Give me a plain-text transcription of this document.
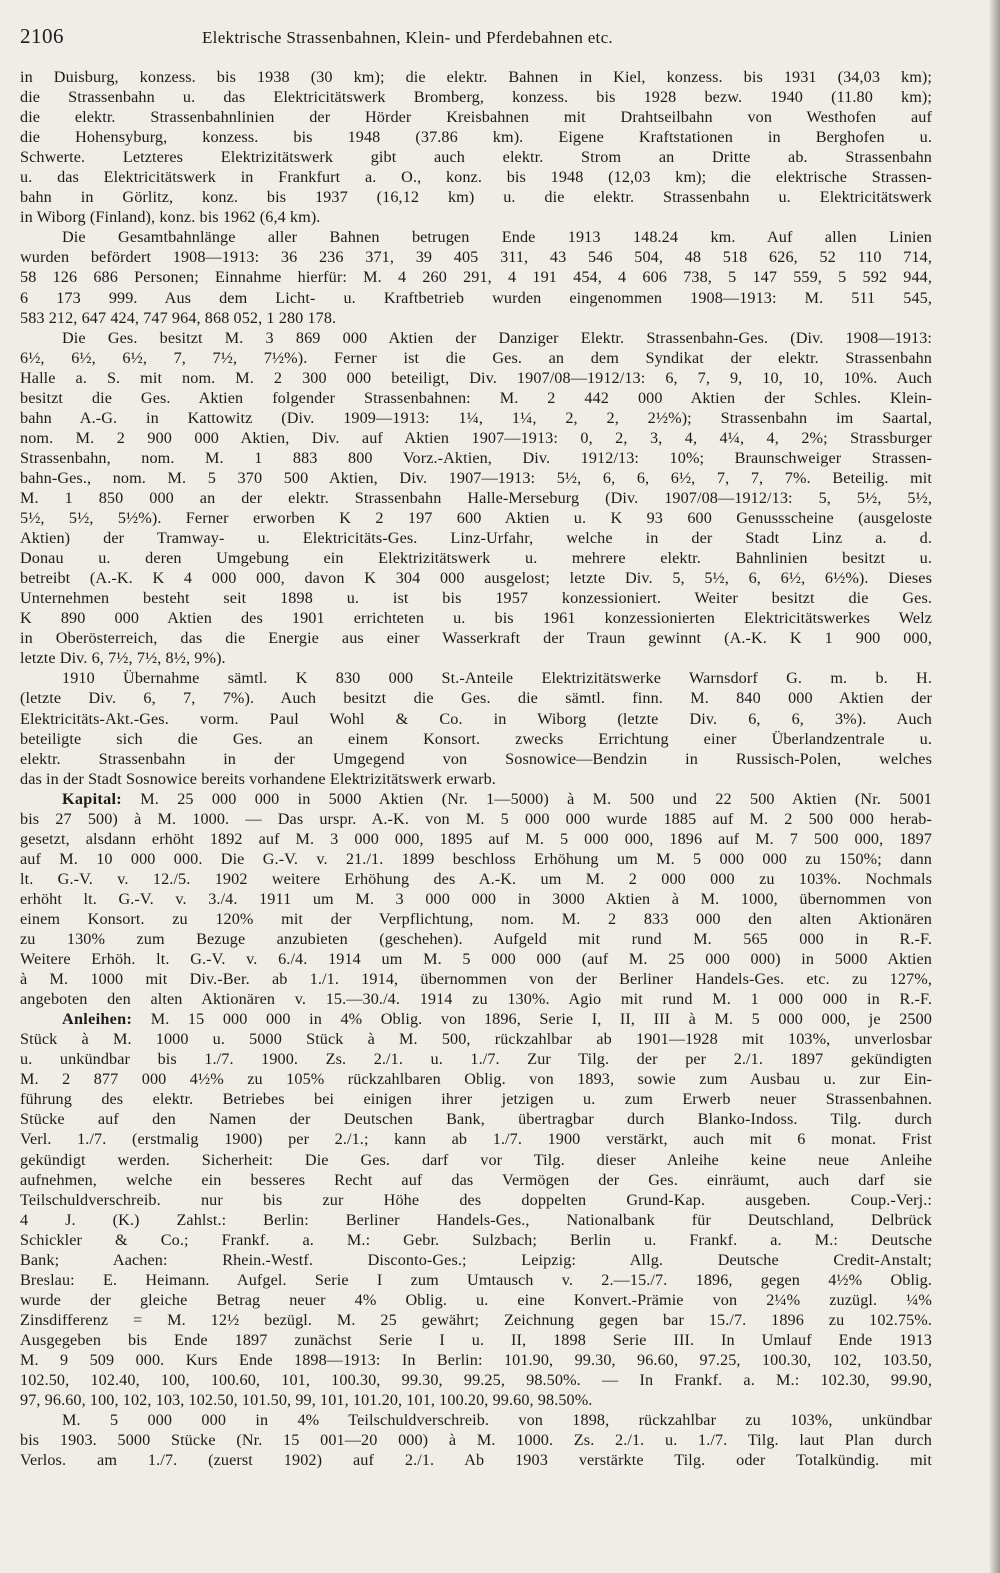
2106	Elektrische Strassenbahnen, Klein- und Pferdebahnen etc.
in Duisburg, konzess. bis 1938 (30 km); die elektr. Bahnen in Kiel, konzess. bis 1931 (34,03 km);
die Strassenbahn u. das Elektricitätswerk Bromberg, konzess. bis 1928 bezw. 1940 (11.80 km);
die elektr. Strassenbahnlinien der Hörder Kreisbahnen mit Drahtseilbahn von Westhofen auf
die Hohensyburg, konzess. bis 1948 (37.86 km). Eigene Kraftstationen in Berghofen u.
Schwerte. Letzteres Elektrizitätswerk gibt auch elektr. Strom an Dritte ab. Strassenbahn
u. das Elektricitätswerk in Frankfurt a. O., konz. bis 1948 (12,03 km); die elektrische Strassen-
bahn in Görlitz, konz. bis 1937 (16,12 km) u. die elektr. Strassenbahn u. Elektricitätswerk
in Wiborg (Finland), konz. bis 1962 (6,4 km).
Die Gesamtbahnlänge aller Bahnen betrugen Ende 1913 148.24 km. Auf allen Linien
wurden befördert 1908—1913: 36 236 371, 39 405 311, 43 546 504, 48 518 626, 52 110 714,
58 126 686 Personen; Einnahme hierfür: M. 4 260 291, 4 191 454, 4 606 738, 5 147 559, 5 592 944,
6 173 999. Aus dem Licht- u. Kraftbetrieb wurden eingenommen 1908—1913: M. 511 545,
583 212, 647 424, 747 964, 868 052, 1 280 178.
Die Ges. besitzt M. 3 869 000 Aktien der Danziger Elektr. Strassenbahn-Ges. (Div. 1908—1913:
6½, 6½, 6½, 7, 7½, 7½%). Ferner ist die Ges. an dem Syndikat der elektr. Strassenbahn
Halle a. S. mit nom. M. 2 300 000 beteiligt, Div. 1907/08—1912/13: 6, 7, 9, 10, 10, 10%. Auch
besitzt die Ges. Aktien folgender Strassenbahnen: M. 2 442 000 Aktien der Schles. Klein-
bahn A.-G. in Kattowitz (Div. 1909—1913: 1¼, 1¼, 2, 2, 2½%); Strassenbahn im Saartal,
nom. M. 2 900 000 Aktien, Div. auf Aktien 1907—1913: 0, 2, 3, 4, 4¼, 4, 2%; Strassburger
Strassenbahn, nom. M. 1 883 800 Vorz.-Aktien, Div. 1912/13: 10%; Braunschweiger Strassen-
bahn-Ges., nom. M. 5 370 500 Aktien, Div. 1907—1913: 5½, 6, 6, 6½, 7, 7, 7%. Beteilig. mit
M. 1 850 000 an der elektr. Strassenbahn Halle-Merseburg (Div. 1907/08—1912/13: 5, 5½, 5½,
5½, 5½, 5½%). Ferner erworben K 2 197 600 Aktien u. K 93 600 Genussscheine (ausgeloste
Aktien) der Tramway- u. Elektricitäts-Ges. Linz-Urfahr, welche in der Stadt Linz a. d.
Donau u. deren Umgebung ein Elektrizitätswerk u. mehrere elektr. Bahnlinien besitzt u.
betreibt (A.-K. K 4 000 000, davon K 304 000 ausgelost; letzte Div. 5, 5½, 6, 6½, 6½%). Dieses
Unternehmen besteht seit 1898 u. ist bis 1957 konzessioniert. Weiter besitzt die Ges.
K 890 000 Aktien des 1901 errichteten u. bis 1961 konzessionierten Elektricitätswerkes Welz
in Oberösterreich, das die Energie aus einer Wasserkraft der Traun gewinnt (A.-K. K 1 900 000,
letzte Div. 6, 7½, 7½, 8½, 9%).
1910 Übernahme sämtl. K 830 000 St.-Anteile Elektrizitätswerke Warnsdorf G. m. b. H.
(letzte Div. 6, 7, 7%). Auch besitzt die Ges. die sämtl. finn. M. 840 000 Aktien der
Elektricitäts-Akt.-Ges. vorm. Paul Wohl & Co. in Wiborg (letzte Div. 6, 6, 3%). Auch
beteiligte sich die Ges. an einem Konsort. zwecks Errichtung einer Überlandzentrale u.
elektr. Strassenbahn in der Umgegend von Sosnowice—Bendzin in Russisch-Polen, welches
das in der Stadt Sosnowice bereits vorhandene Elektrizitätswerk erwarb.
Kapital: M. 25 000 000 in 5000 Aktien (Nr. 1—5000) à M. 500 und 22 500 Aktien (Nr. 5001
bis 27 500) à M. 1000. — Das urspr. A.-K. von M. 5 000 000 wurde 1885 auf M. 2 500 000 herab-
gesetzt, alsdann erhöht 1892 auf M. 3 000 000, 1895 auf M. 5 000 000, 1896 auf M. 7 500 000, 1897
auf M. 10 000 000. Die G.-V. v. 21./1. 1899 beschloss Erhöhung um M. 5 000 000 zu 150%; dann
lt. G.-V. v. 12./5. 1902 weitere Erhöhung des A.-K. um M. 2 000 000 zu 103%. Nochmals
erhöht lt. G.-V. v. 3./4. 1911 um M. 3 000 000 in 3000 Aktien à M. 1000, übernommen von
einem Konsort. zu 120% mit der Verpflichtung, nom. M. 2 833 000 den alten Aktionären
zu 130% zum Bezuge anzubieten (geschehen). Aufgeld mit rund M. 565 000 in R.-F.
Weitere Erhöh. lt. G.-V. v. 6./4. 1914 um M. 5 000 000 (auf M. 25 000 000) in 5000 Aktien
à M. 1000 mit Div.-Ber. ab 1./1. 1914, übernommen von der Berliner Handels-Ges. etc. zu 127%,
angeboten den alten Aktionären v. 15.—30./4. 1914 zu 130%. Agio mit rund M. 1 000 000 in R.-F.
Anleihen: M. 15 000 000 in 4% Oblig. von 1896, Serie I, II, III à M. 5 000 000, je 2500
Stück à M. 1000 u. 5000 Stück à M. 500, rückzahlbar ab 1901—1928 mit 103%, unverlosbar
u. unkündbar bis 1./7. 1900. Zs. 2./1. u. 1./7. Zur Tilg. der per 2./1. 1897 gekündigten
M. 2 877 000 4½% zu 105% rückzahlbaren Oblig. von 1893, sowie zum Ausbau u. zur Ein-
führung des elektr. Betriebes bei einigen ihrer jetzigen u. zum Erwerb neuer Strassenbahnen.
Stücke auf den Namen der Deutschen Bank, übertragbar durch Blanko-Indoss. Tilg. durch
Verl. 1./7. (erstmalig 1900) per 2./1.; kann ab 1./7. 1900 verstärkt, auch mit 6 monat. Frist
gekündigt werden. Sicherheit: Die Ges. darf vor Tilg. dieser Anleihe keine neue Anleihe
aufnehmen, welche ein besseres Recht auf das Vermögen der Ges. einräumt, auch darf sie
Teilschuldverschreib. nur bis zur Höhe des doppelten Grund-Kap. ausgeben. Coup.-Verj.:
4 J. (K.) Zahlst.: Berlin: Berliner Handels-Ges., Nationalbank für Deutschland, Delbrück
Schickler & Co.; Frankf. a. M.: Gebr. Sulzbach; Berlin u. Frankf. a. M.: Deutsche
Bank; Aachen: Rhein.-Westf. Disconto-Ges.; Leipzig: Allg. Deutsche Credit-Anstalt;
Breslau: E. Heimann. Aufgel. Serie I zum Umtausch v. 2.—15./7. 1896, gegen 4½% Oblig.
wurde der gleiche Betrag neuer 4% Oblig. u. eine Konvert.-Prämie von 2¼% zuzügl. ¼%
Zinsdifferenz = M. 12½ bezügl. M. 25 gewährt; Zeichnung gegen bar 15./7. 1896 zu 102.75%.
Ausgegeben bis Ende 1897 zunächst Serie I u. II, 1898 Serie III. In Umlauf Ende 1913
M. 9 509 000. Kurs Ende 1898—1913: In Berlin: 101.90, 99.30, 96.60, 97.25, 100.30, 102, 103.50,
102.50, 102.40, 100, 100.60, 101, 100.30, 99.30, 99.25, 98.50%. — In Frankf. a. M.: 102.30, 99.90,
97, 96.60, 100, 102, 103, 102.50, 101.50, 99, 101, 101.20, 101, 100.20, 99.60, 98.50%.
M. 5 000 000 in 4% Teilschuldverschreib. von 1898, rückzahlbar zu 103%, unkündbar
bis 1903. 5000 Stücke (Nr. 15 001—20 000) à M. 1000. Zs. 2./1. u. 1./7. Tilg. laut Plan durch
Verlos. am 1./7. (zuerst 1902) auf 2./1. Ab 1903 verstärkte Tilg. oder Totalkündig. mit
